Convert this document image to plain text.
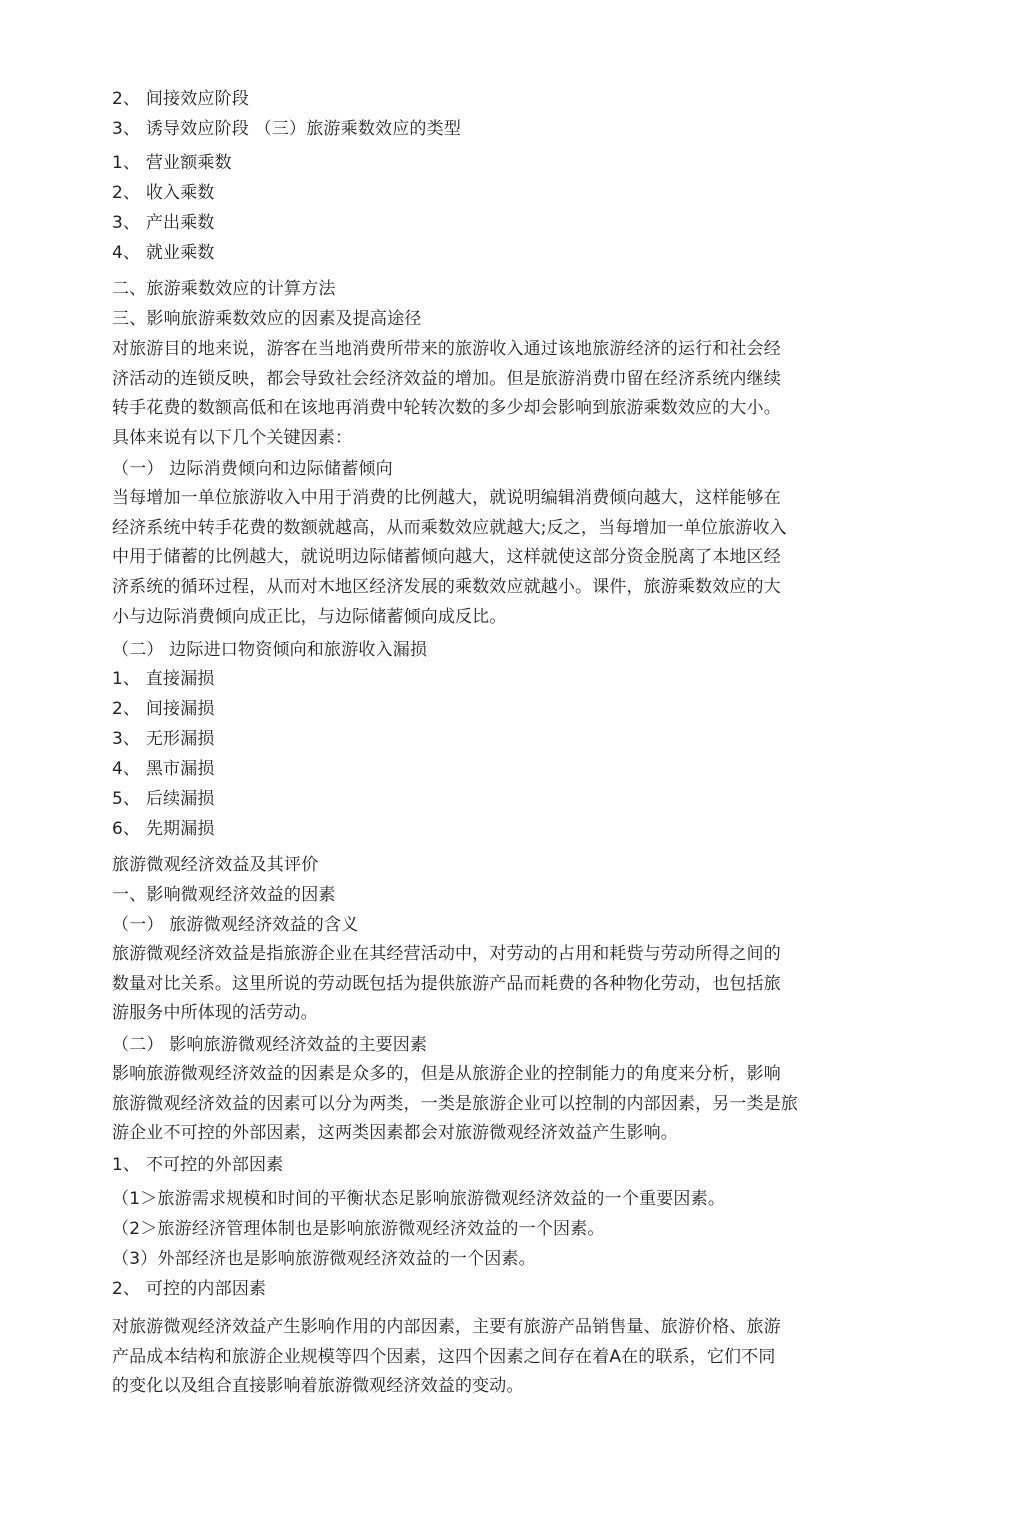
2、 间接效应阶段
3、 诱导效应阶段 （三）旅游乘数效应的类型
1、 营业额乘数
2、 收入乘数
3、 产出乘数
4、 就业乘数
二、旅游乘数效应的计算方法
三、影响旅游乘数效应的因素及提高途径
对旅游目的地来说，游客在当地消费所带来的旅游收入通过该地旅游经济的运行和社会经
济活动的连锁反映，都会导致社会经济效益的增加。但是旅游消费巾留在经济系统内继续
转手花费的数额高低和在该地再消费中轮转次数的多少却会影响到旅游乘数效应的大小。
具体来说有以下几个关键因素：
（一） 边际消费倾向和边际储蓄倾向
当每增加一单位旅游收入中用于消费的比例越大，就说明编辑消费倾向越大，这样能够在
经济系统中转手花费的数额就越高，从而乘数效应就越大;反之，当每增加一单位旅游收入
中用于储蓄的比例越大，就说明边际储蓄倾向越大，这样就使这部分资金脱离了本地区经
济系统的循环过程，从而对木地区经济发展的乘数效应就越小。课件，旅游乘数效应的大
小与边际消费倾向成正比，与边际储蓄倾向成反比。
（二） 边际进口物资倾向和旅游收入漏损
1、 直接漏损
2、 间接漏损
3、 无形漏损
4、 黑市漏损
5、 后续漏损
6、 先期漏损
旅游微观经济效益及其评价
一、影响微观经济效益的因素
（一） 旅游微观经济效益的含义
旅游微观经济效益是指旅游企业在其经营活动中，对劳动的占用和耗赀与劳动所得之间的
数量对比关系。这里所说的劳动既包括为提供旅游产品而耗费的各种物化劳动，也包括旅
游服务中所体现的活劳动。
（二） 影响旅游微观经济效益的主要因素
影响旅游微观经济效益的因素是众多的，但是从旅游企业的控制能力的角度来分析，影响
旅游微观经济效益的因素可以分为两类，一类是旅游企业可以控制的内部因素，另一类是旅
游企业不可控的外部因素，这两类因素都会对旅游微观经济效益产生影响。
1、 不可控的外部因素
（1＞旅游需求规模和时间的平衡状态足影响旅游微观经济效益的一个重要因素。
（2＞旅游经济管理体制也是影响旅游微观经济效益的一个因素。
（3）外部经济也是影响旅游微观经济效益的一个因素。
2、 可控的内部因素
对旅游微观经济效益产生影响作用的内部因素，主要有旅游产品销售量、旅游价格、旅游
产品成本结构和旅游企业规模等四个因素，这四个因素之间存在着A在的联系，它们不同
的变化以及组合直接影响着旅游微观经济效益的变动。
